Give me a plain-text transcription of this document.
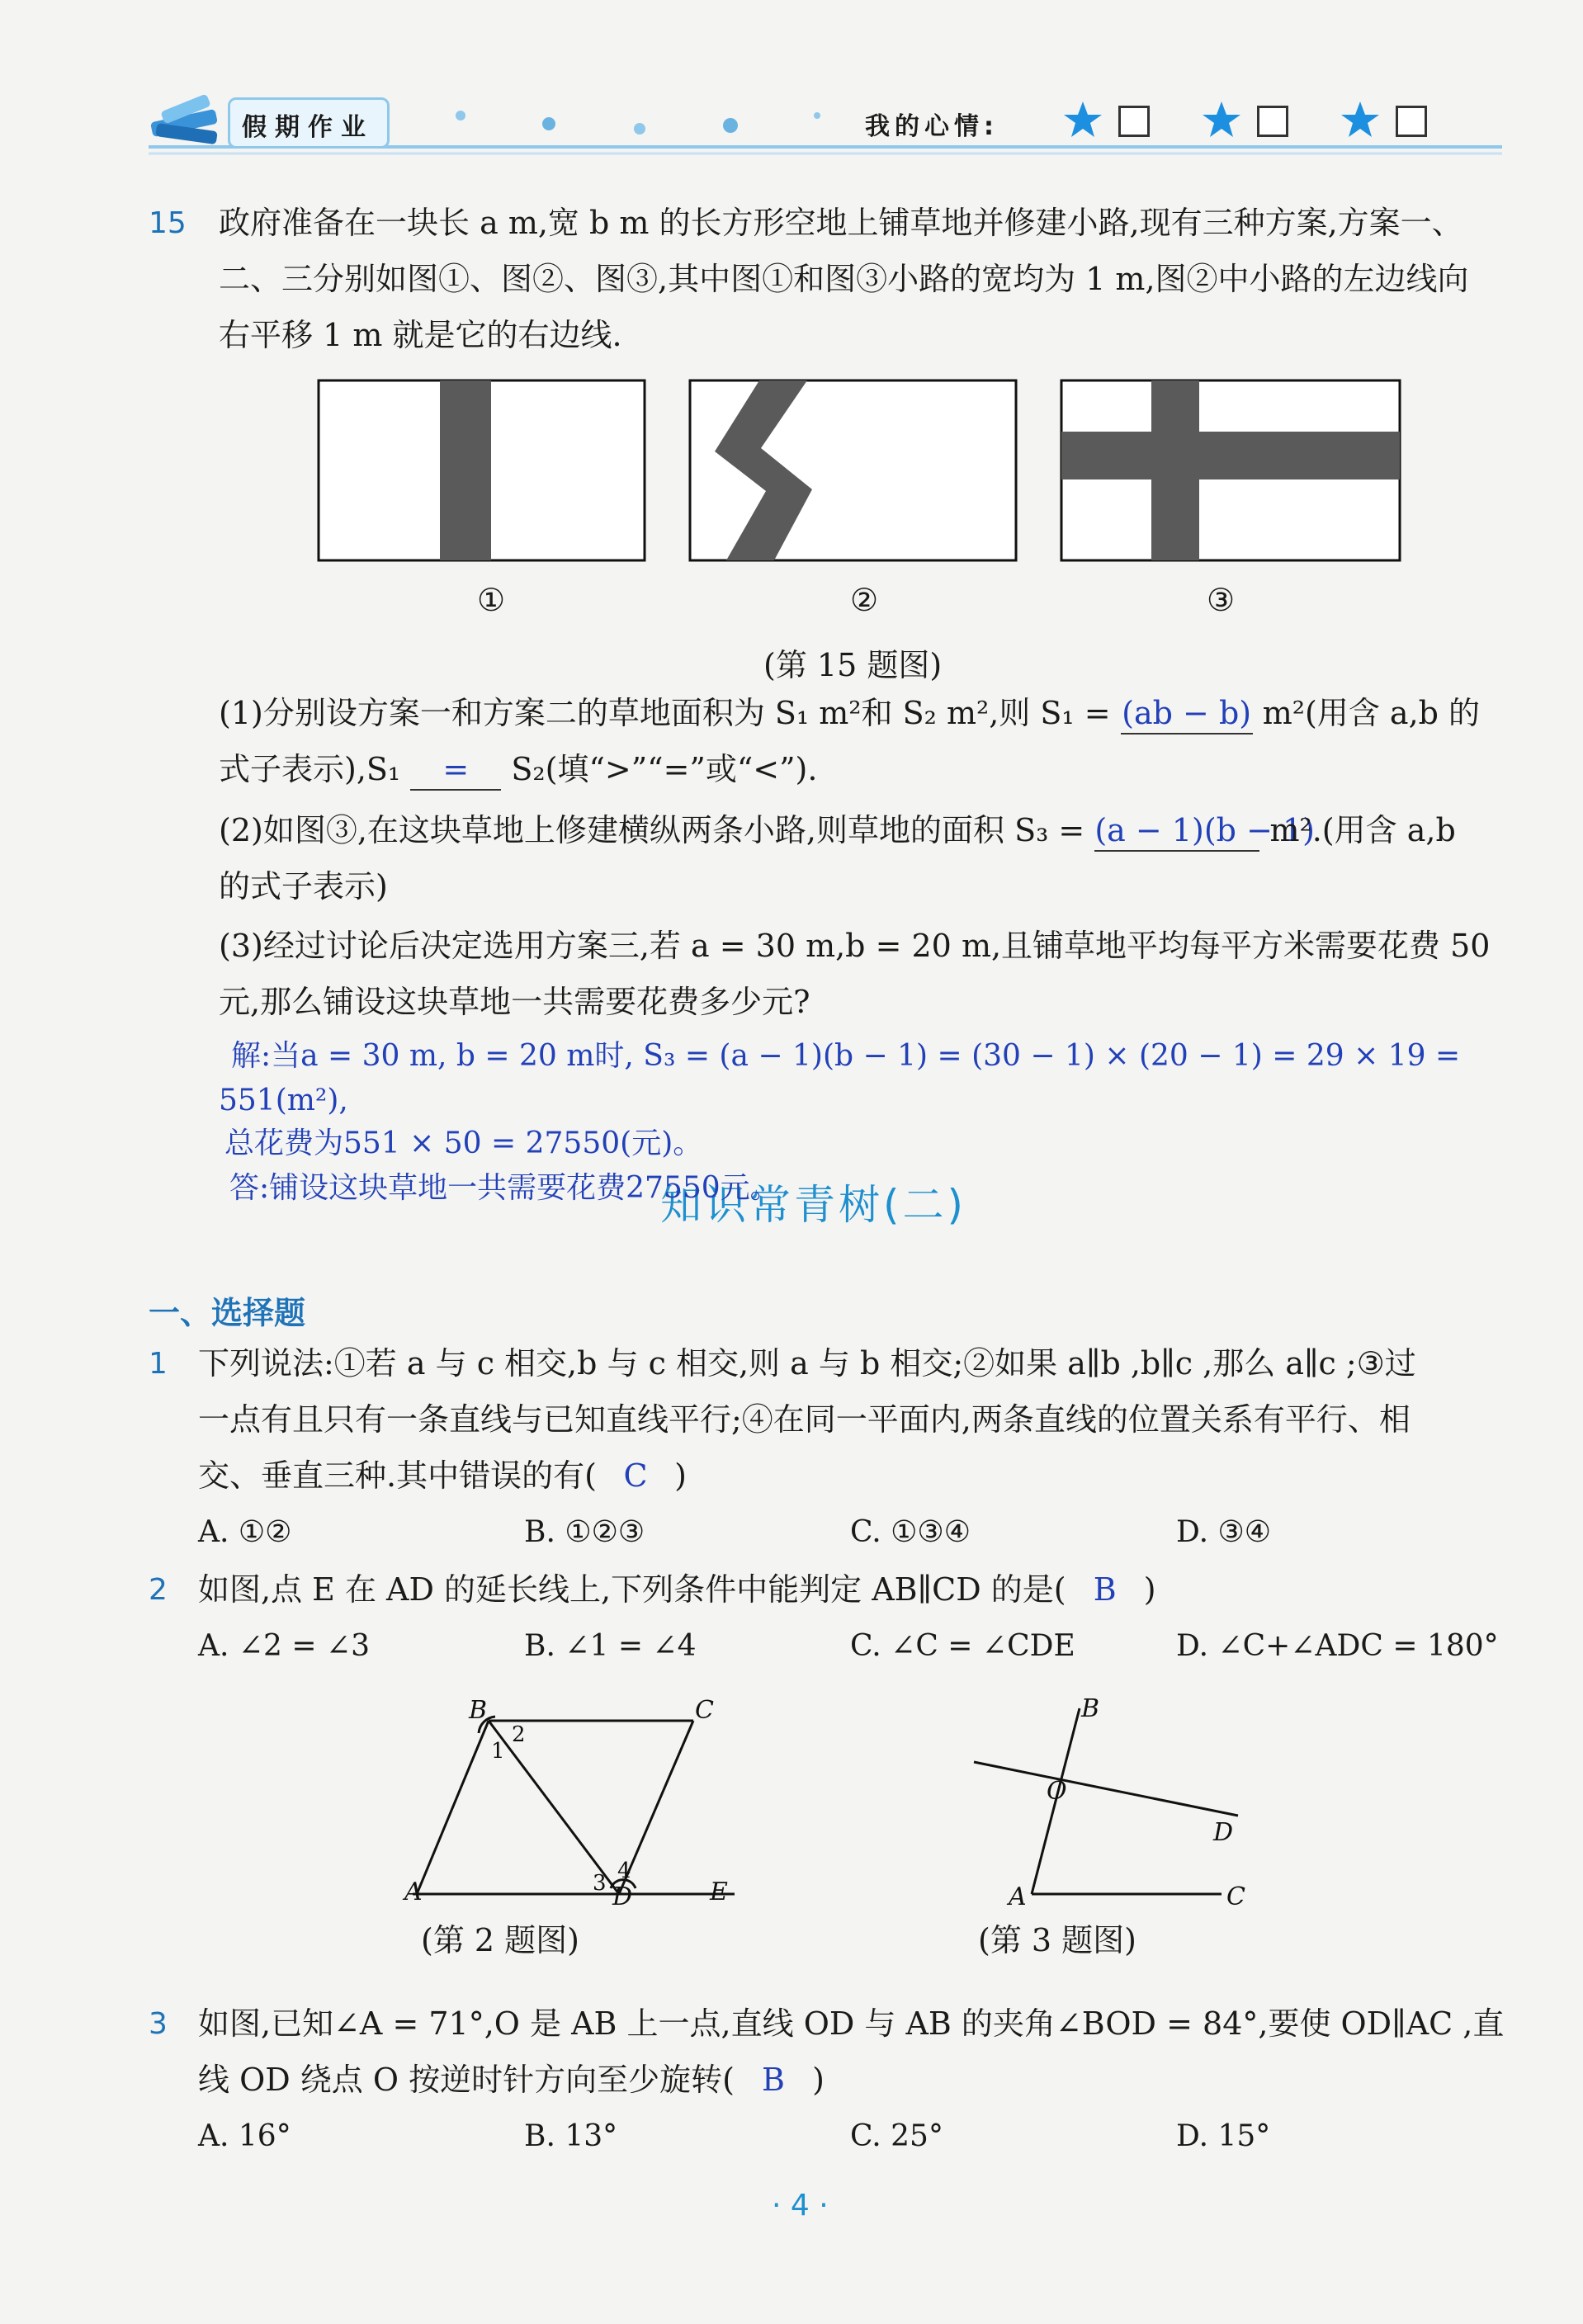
假期作业	我的心情:
15 政府准备在一块长 a m,宽 b m 的长方形空地上铺草地并修建小路,现有三种方案,方案一、
二、三分别如图①、图②、图③,其中图①和图③小路的宽均为 1 m,图②中小路的左边线向
右平移 1 m 就是它的右边线.
①	②	③
(第 15 题图)
(1)分别设方案一和方案二的草地面积为 S₁ m²和 S₂ m²,则 S₁ = (ab − b) m²(用含 a,b 的
式子表示),S₁ = S₂(填“>”“=”或“<”).
(2)如图③,在这块草地上修建横纵两条小路,则草地的面积 S₃ = (a − 1)(b − 1) m².(用含 a,b
的式子表示)
(3)经过讨论后决定选用方案三,若 a = 30 m,b = 20 m,且铺草地平均每平方米需要花费 50
元,那么铺设这块草地一共需要花费多少元?
解:当a = 30 m, b = 20 m时, S₃ = (a − 1)(b − 1) = (30 − 1) × (20 − 1) = 29 × 19 =
551(m²),
总花费为551 × 50 = 27550(元)。
知识常青树(二)
答:铺设这块草地一共需要花费27550元。
一、选择题
1 下列说法:①若 a 与 c 相交,b 与 c 相交,则 a 与 b 相交;②如果 a∥b ,b∥c ,那么 a∥c ;③过
一点有且只有一条直线与已知直线平行;④在同一平面内,两条直线的位置关系有平行、相
交、垂直三种.其中错误的有( C )
A. ①②	B. ①②③	C. ①③④	D. ③④
2 如图,点 E 在 AD 的延长线上,下列条件中能判定 AB∥CD 的是( B )
A. ∠2 = ∠3	B. ∠1 = ∠4	C. ∠C = ∠CDE	D. ∠C+∠ADC = 180°
B	C
A	D	E
1
2
3 4
(第 2 题图)
B
O
D
A	C
(第 3 题图)
3 如图,已知∠A = 71°,O 是 AB 上一点,直线 OD 与 AB 的夹角∠BOD = 84°,要使 OD∥AC ,直
线 OD 绕点 O 按逆时针方向至少旋转( B )
A. 16°	B. 13°	C. 25°	D. 15°
· 4 ·
